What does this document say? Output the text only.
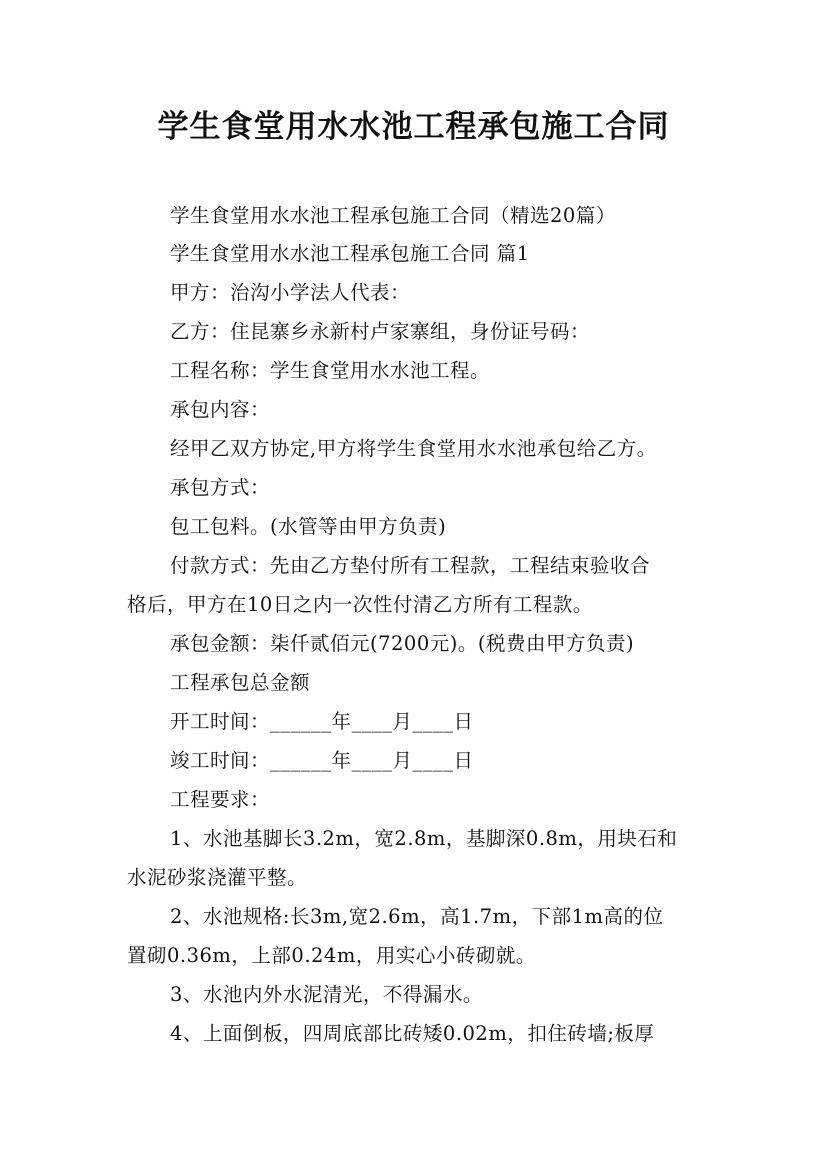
学生食堂用水水池工程承包施工合同
学生食堂用水水池工程承包施工合同（精选20篇）
学生食堂用水水池工程承包施工合同 篇1
甲方：治沟小学法人代表：
乙方：住昆寨乡永新村卢家寨组，身份证号码：
工程名称：学生食堂用水水池工程。
承包内容：
经甲乙双方协定,甲方将学生食堂用水水池承包给乙方。
承包方式：
包工包料。(水管等由甲方负责)
付款方式：先由乙方垫付所有工程款，工程结束验收合
格后，甲方在10日之内一次性付清乙方所有工程款。
承包金额：柒仟贰佰元(7200元)。(税费由甲方负责)
工程承包总金额
开工时间：______年____月____日
竣工时间：______年____月____日
工程要求：
1、水池基脚长3.2m，宽2.8m，基脚深0.8m，用块石和
水泥砂浆浇灌平整。
2、水池规格:长3m,宽2.6m，高1.7m，下部1m高的位
置砌0.36m，上部0.24m，用实心小砖砌就。
3、水池内外水泥清光，不得漏水。
4、上面倒板，四周底部比砖矮0.02m，扣住砖墙;板厚
